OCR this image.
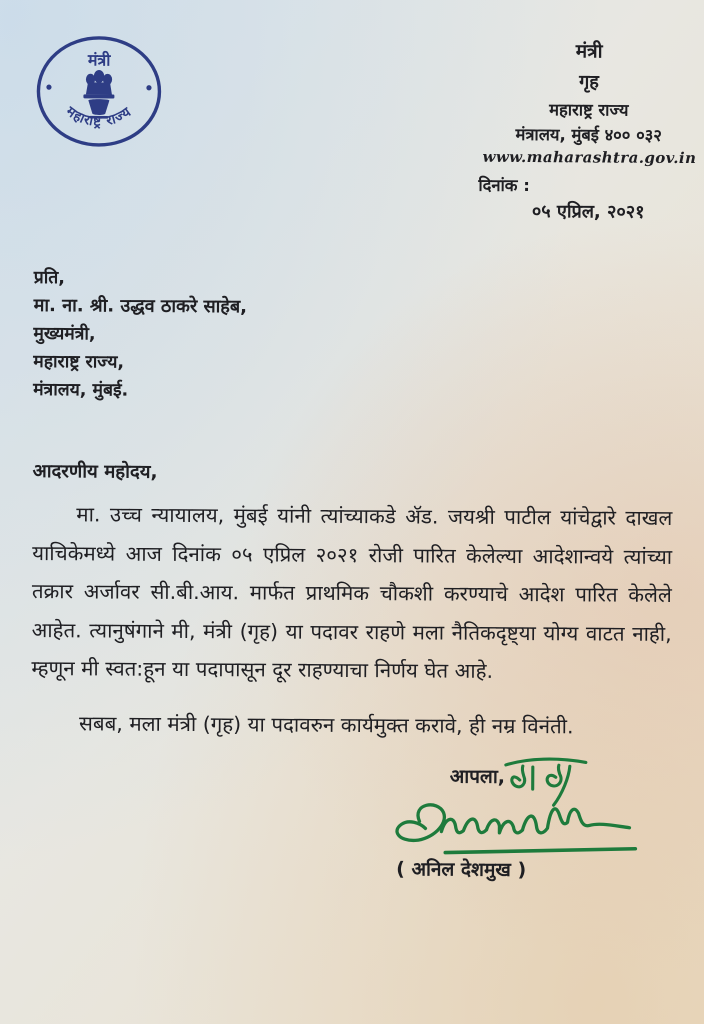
मंत्री
महाराष्ट्र राज्य
मंत्री
गृह
महाराष्ट्र राज्य
मंत्रालय, मुंबई ४०० ०३२
www.maharashtra.gov.in
दिनांक :
०५ एप्रिल, २०२१
प्रति,
मा. ना. श्री. उद्धव ठाकरे साहेब,
मुख्यमंत्री,
महाराष्ट्र राज्य,
मंत्रालय, मुंबई.
आदरणीय महोदय,
मा. उच्च न्यायालय, मुंबई यांनी त्यांच्याकडे ॲड. जयश्री पाटील यांचेद्वारे दाखल याचिकेमध्ये आज दिनांक ०५ एप्रिल २०२१ रोजी पारित केलेल्या आदेशान्वये त्यांच्या तक्रार अर्जावर सी.बी.आय. मार्फत प्राथमिक चौकशी करण्याचे आदेश पारित केलेले आहेत. त्यानुषंगाने मी, मंत्री (गृह) या पदावर राहणे मला नैतिकदृष्ट्या योग्य वाटत नाही, म्हणून मी स्वत:हून या पदापासून दूर राहण्याचा निर्णय घेत आहे.
सबब, मला मंत्री (गृह) या पदावरुन कार्यमुक्त करावे, ही नम्र विनंती.
आपला,
( अनिल देशमुख )
